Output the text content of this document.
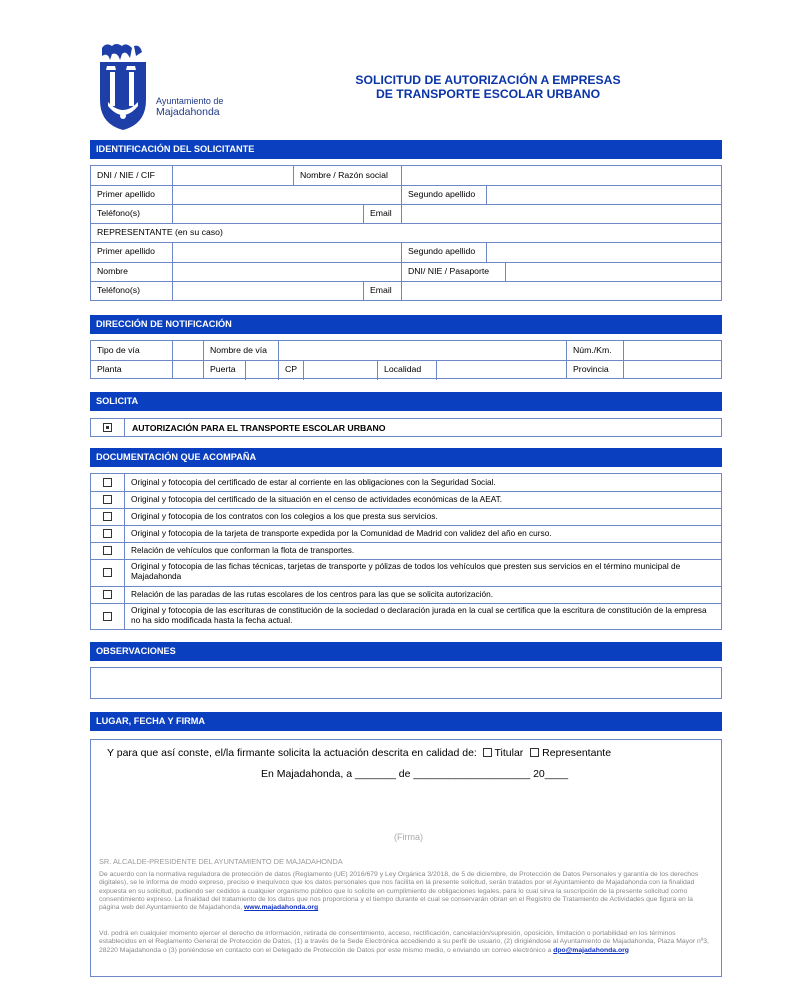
Ayuntamiento de
Majadahonda
SOLICITUD DE AUTORIZACIÓN A EMPRESAS
DE TRANSPORTE ESCOLAR URBANO
IDENTIFICACIÓN DEL SOLICITANTE
DNI / NIE / CIF	Nombre / Razón social
Primer apellido	Segundo apellido
Teléfono(s)	Email
REPRESENTANTE (en su caso)
Primer apellido	Segundo apellido
Nombre	DNI/ NIE / Pasaporte
Teléfono(s)	Email
DIRECCIÓN DE NOTIFICACIÓN
Tipo de vía	Nombre de vía	Núm./Km.
Planta	Puerta	CP	Localidad	Provincia
SOLICITA
AUTORIZACIÓN PARA EL TRANSPORTE ESCOLAR URBANO
DOCUMENTACIÓN QUE ACOMPAÑA
Original y fotocopia del certificado de estar al corriente en las obligaciones con la Seguridad Social.
Original y fotocopia del certificado de la situación en el censo de actividades económicas de la AEAT.
Original y fotocopia de los contratos con los colegios a los que presta sus servicios.
Original y fotocopia de la tarjeta de transporte expedida por la Comunidad de Madrid con validez del año en curso.
Relación de vehículos que conforman la flota de transportes.
Original y fotocopia de las fichas técnicas, tarjetas de transporte y pólizas de todos los vehículos que presten sus servicios en el término municipal de Majadahonda
Relación de las paradas de las rutas escolares de los centros para las que se solicita autorización.
Original y fotocopia de las escrituras de constitución de la sociedad o declaración jurada en la cual se certifica que la escritura de constitución de la empresa no ha sido modificada hasta la fecha actual.
OBSERVACIONES
LUGAR, FECHA Y FIRMA
Y para que así conste, el/la firmante solicita la actuación descrita en calidad de: Titular Representante
En Majadahonda, a _______ de ____________________ 20____
(Firma)
SR. ALCALDE-PRESIDENTE DEL AYUNTAMIENTO DE MAJADAHONDA
De acuerdo con la normativa reguladora de protección de datos (Reglamento (UE) 2016/679 y Ley Orgánica 3/2018, de 5 de diciembre, de Protección de Datos Personales y garantía de los derechos digitales), se le informa de modo expreso, preciso e inequívoco que los datos personales que nos facilita en la presente solicitud, serán tratados por el Ayuntamiento de Majadahonda con la finalidad expuesta en su solicitud, pudiendo ser cedidos a cualquier organismo público que lo solicite en cumplimiento de obligaciones legales, para lo cual sirva la suscripción de la presente solicitud como consentimiento expreso. La finalidad del tratamiento de los datos que nos proporciona y el tiempo durante el cual se conservarán obran en el Registro de Tratamiento de Actividades que figura en la página web del Ayuntamiento de Majadahonda, www.majadahonda.org
Vd. podrá en cualquier momento ejercer el derecho de información, retirada de consentimiento, acceso, rectificación, cancelación/supresión, oposición, limitación o portabilidad en los términos establecidos en el Reglamento General de Protección de Datos, (1) a través de la Sede Electrónica accediendo a su perfil de usuario, (2) dirigiéndose al Ayuntamiento de Majadahonda, Plaza Mayor nº3, 28220 Majadahonda o (3) poniéndose en contacto con el Delegado de Protección de Datos por este mismo medio, o enviando un correo electrónico a dpo@majadahonda.org
